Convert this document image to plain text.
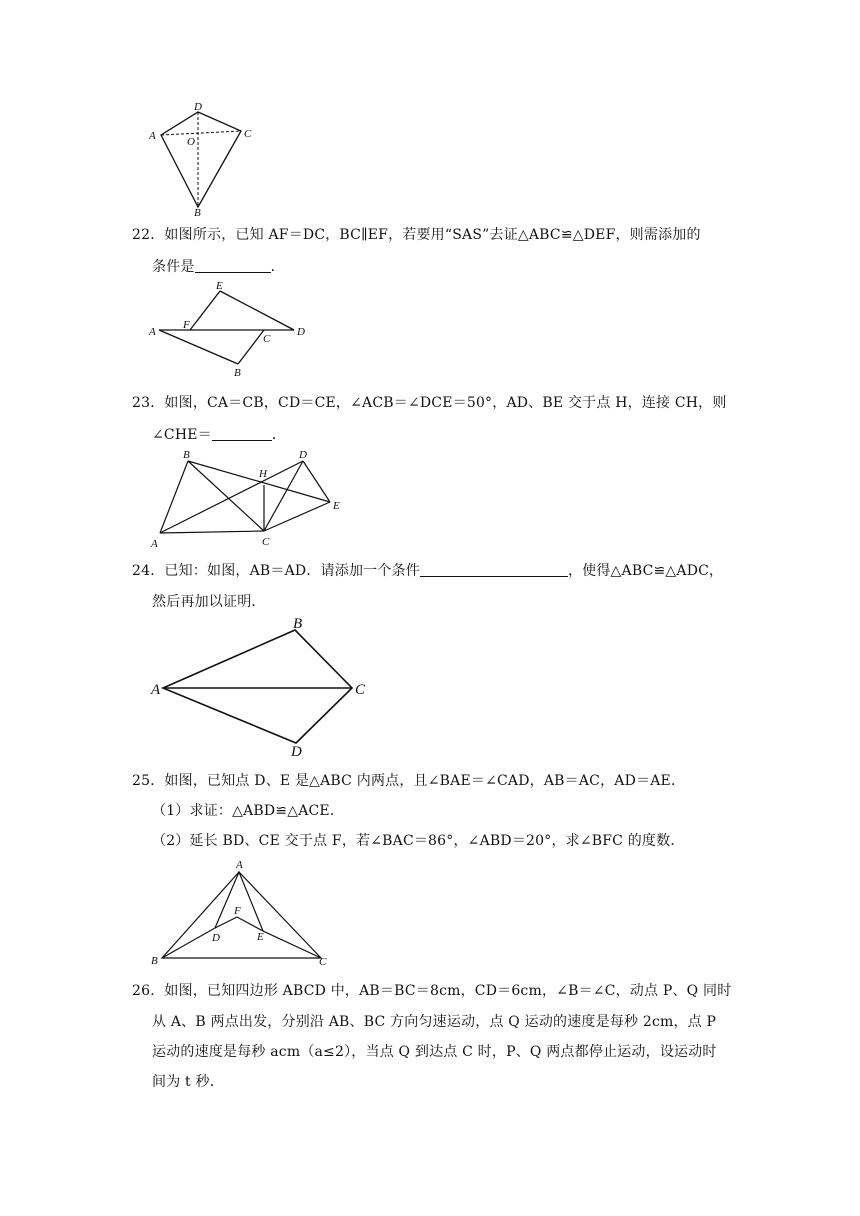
D
A	O
C
B
22．如图所示，已知 AF＝DC，BC∥EF，若要用“SAS”去证△ABC≌△DEF，则需添加的
条件是	．
E
A
F
C
D
B
23．如图，CA＝CB，CD＝CE，∠ACB＝∠DCE＝50°，AD、BE 交于点 H，连接 CH，则
∠CHE＝	．
B
H
D
E
A	C
24．已知：如图，AB＝AD．请添加一个条件	，使得△ABC≌△ADC，
然后再加以证明．
B
A	C
D
25．如图，已知点 D、E 是△ABC 内两点，且∠BAE＝∠CAD，AB＝AC，AD＝AE．
（1）求证：△ABD≌△ACE．
（2）延长 BD、CE 交于点 F，若∠BAC＝86°，∠ABD＝20°，求∠BFC 的度数．
A
F
D	E
B	C
26．如图，已知四边形 ABCD 中，AB＝BC＝8cm，CD＝6cm，∠B＝∠C，动点 P、Q 同时
从 A、B 两点出发，分别沿 AB、BC 方向匀速运动，点 Q 运动的速度是每秒 2cm，点 P
运动的速度是每秒 acm（a≤2），当点 Q 到达点 C 时，P、Q 两点都停止运动，设运动时
间为 t 秒．
